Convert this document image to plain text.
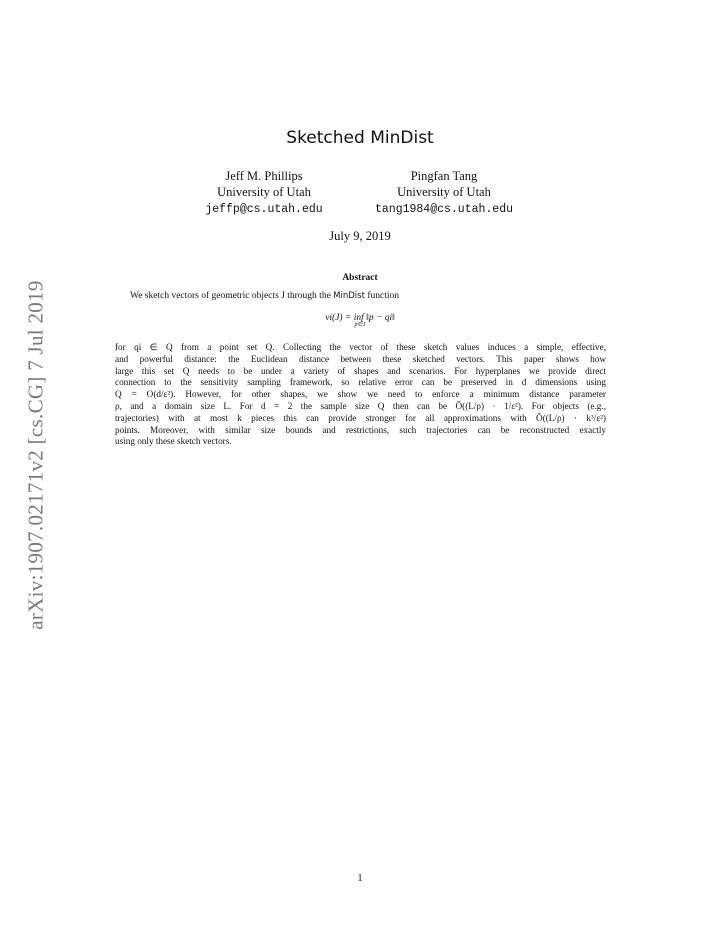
arXiv:1907.02171v2 [cs.CG] 7 Jul 2019
Sketched MinDist
Jeff M. Phillips
University of Utah
jeffp@cs.utah.edu
Pingfan Tang
University of Utah
tang1984@cs.utah.edu
July 9, 2019
Abstract
We sketch vectors of geometric objects J through the MinDist function
vi(J) = inf ‖p − qi‖
p∈J
for qi ∈ Q from a point set Q. Collecting the vector of these sketch values induces a simple, effective,
and powerful distance: the Euclidean distance between these sketched vectors. This paper shows how
large this set Q needs to be under a variety of shapes and scenarios. For hyperplanes we provide direct
connection to the sensitivity sampling framework, so relative error can be preserved in d dimensions using
Q = O(d/ε²). However, for other shapes, we show we need to enforce a minimum distance parameter
ρ, and a domain size L. For d = 2 the sample size Q then can be Õ((L/ρ) · 1/ε²). For objects (e.g.,
trajectories) with at most k pieces this can provide stronger for all approximations with Õ((L/ρ) · k³/ε²)
points. Moreover, with similar size bounds and restrictions, such trajectories can be reconstructed exactly
using only these sketch vectors.
1
